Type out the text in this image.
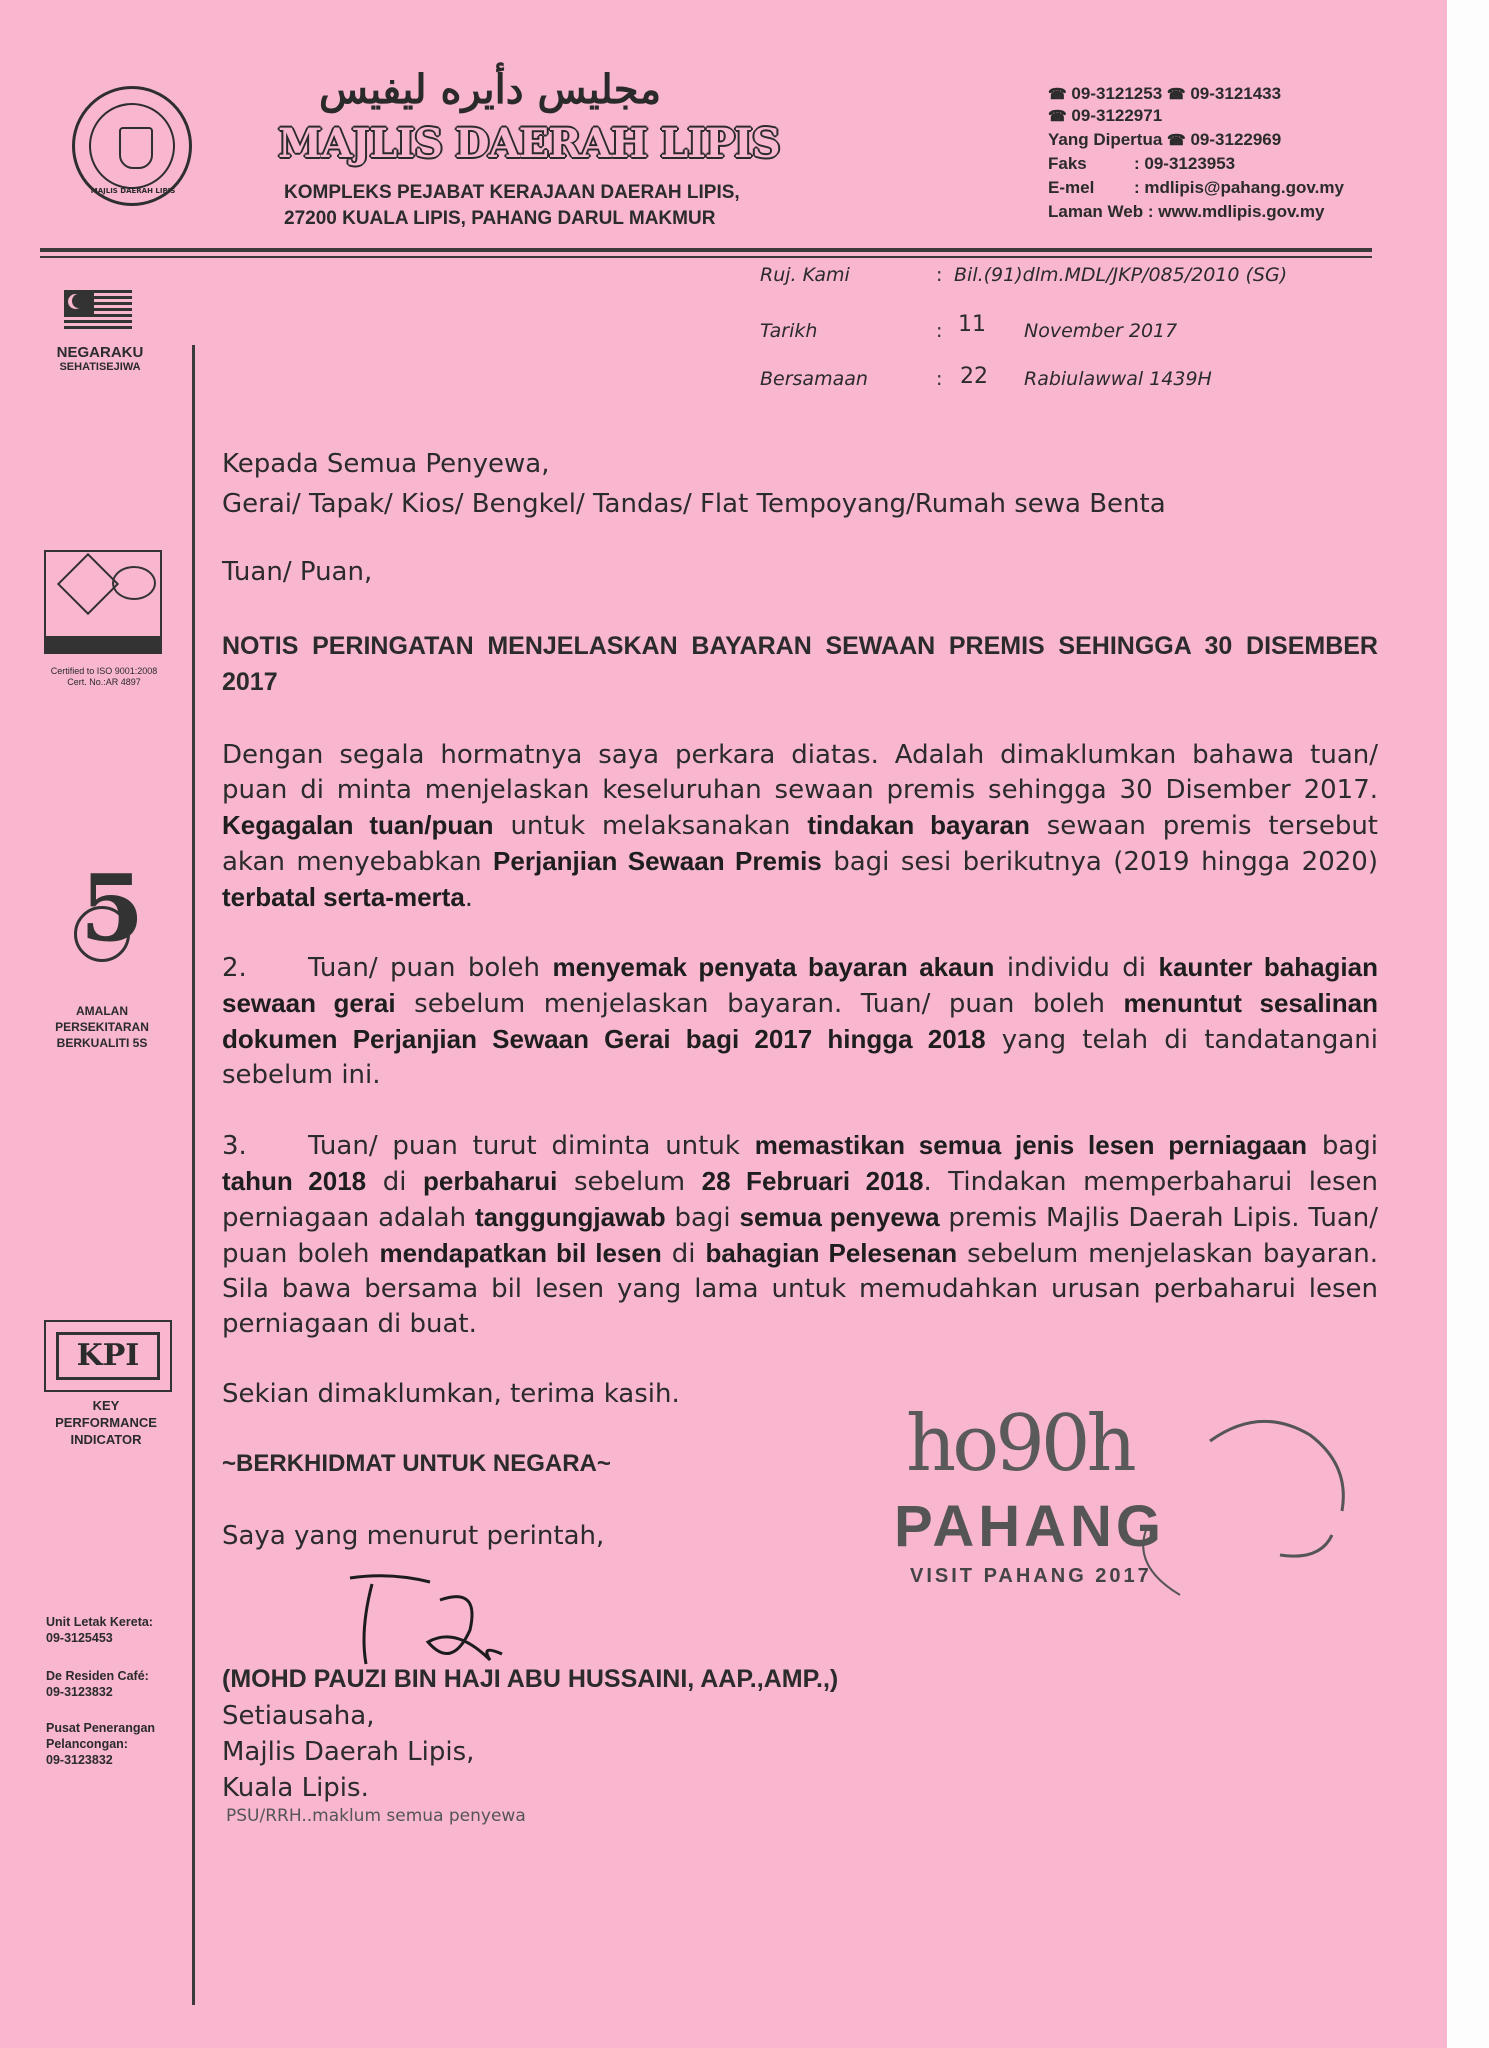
MAJLIS DAERAH LIPIS
مجليس دأيره ليفيس
MAJLIS DAERAH LIPIS
KOMPLEKS PEJABAT KERAJAAN DAERAH LIPIS,
27200 KUALA LIPIS, PAHANG DARUL MAKMUR
☎ 09-3121253 ☎ 09-3121433
☎ 09-3122971
Yang Dipertua ☎ 09-3122969
Faks	: 09-3123953
E-mel : mdlipis@pahang.gov.my
Laman Web : www.mdlipis.gov.my
NEGARAKU
SEHATISEJIWA
Certified to ISO 9001:2008
Cert. No.:AR 4897
5
AMALAN
PERSEKITARAN
BERKUALITI 5S
KPI
KEY
PERFORMANCE
INDICATOR
Unit Letak Kereta:
09-3125453
De Residen Café:
09-3123832
Pusat Penerangan
Pelancongan:
09-3123832
Ruj. Kami	: Bil.(91)dlm.MDL/JKP/085/2010 (SG)
Tarikh	: 11 November 2017
Bersamaan	: 22 Rabiulawwal 1439H
Kepada Semua Penyewa,
Gerai/ Tapak/ Kios/ Bengkel/ Tandas/ Flat Tempoyang/Rumah sewa Benta
Tuan/ Puan,
NOTIS PERINGATAN MENJELASKAN BAYARAN SEWAAN PREMIS SEHINGGA 30 DISEMBER 2017
Dengan segala hormatnya saya perkara diatas. Adalah dimaklumkan bahawa tuan/ puan di minta menjelaskan keseluruhan sewaan premis sehingga 30 Disember 2017. Kegagalan tuan/puan untuk melaksanakan tindakan bayaran sewaan premis tersebut akan menyebabkan Perjanjian Sewaan Premis bagi sesi berikutnya (2019 hingga 2020) terbatal serta-merta.
2. Tuan/ puan boleh menyemak penyata bayaran akaun individu di kaunter bahagian sewaan gerai sebelum menjelaskan bayaran. Tuan/ puan boleh menuntut sesalinan dokumen Perjanjian Sewaan Gerai bagi 2017 hingga 2018 yang telah di tandatangani sebelum ini.
3. Tuan/ puan turut diminta untuk memastikan semua jenis lesen perniagaan bagi tahun 2018 di perbaharui sebelum 28 Februari 2018. Tindakan memperbaharui lesen perniagaan adalah tanggungjawab bagi semua penyewa premis Majlis Daerah Lipis. Tuan/ puan boleh mendapatkan bil lesen di bahagian Pelesenan sebelum menjelaskan bayaran. Sila bawa bersama bil lesen yang lama untuk memudahkan urusan perbaharui lesen perniagaan di buat.
Sekian dimaklumkan, terima kasih.
~BERKHIDMAT UNTUK NEGARA~
Saya yang menurut perintah,
(MOHD PAUZI BIN HAJI ABU HUSSAINI, AAP.,AMP.,)
Setiausaha,
Majlis Daerah Lipis,
Kuala Lipis.
PSU/RRH..maklum semua penyewa
ho90h
PAHANG
VISIT PAHANG 2017
